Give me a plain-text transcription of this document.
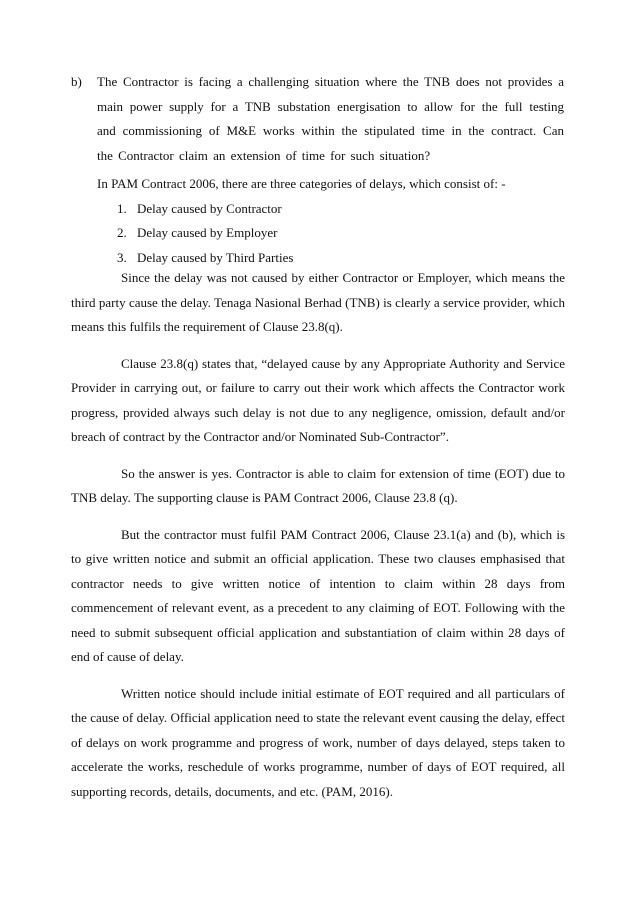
b) The Contractor is facing a challenging situation where the TNB does not provides a main power supply for a TNB substation energisation to allow for the full testing and commissioning of M&E works within the stipulated time in the contract. Can the Contractor claim an extension of time for such situation?

In PAM Contract 2006, there are three categories of delays, which consist of: -

1. Delay caused by Contractor
2. Delay caused by Employer
3. Delay caused by Third Parties

Since the delay was not caused by either Contractor or Employer, which means the third party cause the delay. Tenaga Nasional Berhad (TNB) is clearly a service provider, which means this fulfils the requirement of Clause 23.8(q).

Clause 23.8(q) states that, “delayed cause by any Appropriate Authority and Service Provider in carrying out, or failure to carry out their work which affects the Contractor work progress, provided always such delay is not due to any negligence, omission, default and/or breach of contract by the Contractor and/or Nominated Sub-Contractor”.

So the answer is yes. Contractor is able to claim for extension of time (EOT) due to TNB delay. The supporting clause is PAM Contract 2006, Clause 23.8 (q).

But the contractor must fulfil PAM Contract 2006, Clause 23.1(a) and (b), which is to give written notice and submit an official application. These two clauses emphasised that contractor needs to give written notice of intention to claim within 28 days from commencement of relevant event, as a precedent to any claiming of EOT. Following with the need to submit subsequent official application and substantiation of claim within 28 days of end of cause of delay.

Written notice should include initial estimate of EOT required and all particulars of the cause of delay. Official application need to state the relevant event causing the delay, effect of delays on work programme and progress of work, number of days delayed, steps taken to accelerate the works, reschedule of works programme, number of days of EOT required, all supporting records, details, documents, and etc. (PAM, 2016).
